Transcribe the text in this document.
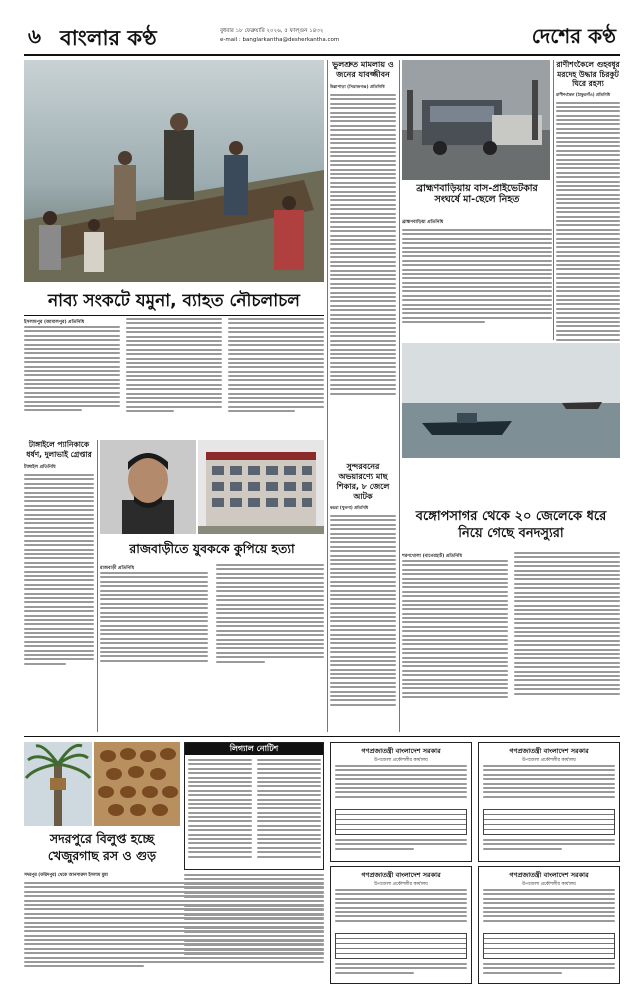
৬ বাংলার কণ্ঠ	বুধবার ১৮ ফেব্রুয়ারি ২০২৬, ৫ ফাল্গুন ১৪৩২
e-mail : banglarkantha@desherkantha.com	দেশের কণ্ঠ
নাব্য সংকটে যমুনা, ব্যাহত নৌচলাচল
ইসলামপুর (জামালপুর) প্রতিনিধি
ভুলশ্রুত মামলায় ও জনের যাবজ্জীবন
উল্লাপাড়া (সিরাজগঞ্জ) প্রতিনিধি
রাণীশংকৈলে গুহবধূর মরদেহ উদ্ধার চিরকুট ঘিরে রহস্য
রাণীশংকৈল (ঠাকুরগাঁও) প্রতিনিধি
ব্রাহ্মণবাড়িয়ায় বাস-প্রাইভেটকার সংঘর্ষে মা-ছেলে নিহত
ব্রাহ্মণবাড়িয়া প্রতিনিধি
বঙ্গোপসাগর থেকে ২০ জেলেকে ধরে নিয়ে গেছে বনদস্যুরা
টাঙ্গাইলে প্যানিকাকে ধর্ষণ, দুলাভাই গ্রেপ্তার
টাঙ্গাইল প্রতিনিধি
রাজবাড়ীতে যুবককে কুপিয়ে হত্যা
রাজবাড়ী প্রতিনিধি
সুন্দরবনের অভয়ারণ্যে মাছ শিকার, ৮ জেলে আটক
কয়রা (খুলনা) প্রতিনিধি
শরণখোলা (বাগেরহাট) প্রতিনিধি
সদরপুরে বিলুপ্ত হচ্ছে খেজুরগাছ রস ও গুড়
সদরপুর (ফরিদপুর) থেকে আনসারুল ইসলাম মুন্না
লিগ্যাল নোটিশ	গণপ্রজাতন্ত্রী বাংলাদেশ সরকার
উপজেলা প্রকৌশলীর কার্যালয়
গণপ্রজাতন্ত্রী বাংলাদেশ সরকার
উপজেলা প্রকৌশলীর কার্যালয়
গণপ্রজাতন্ত্রী বাংলাদেশ সরকার
উপজেলা প্রকৌশলীর কার্যালয়
গণপ্রজাতন্ত্রী বাংলাদেশ সরকার
উপজেলা প্রকৌশলীর কার্যালয়
